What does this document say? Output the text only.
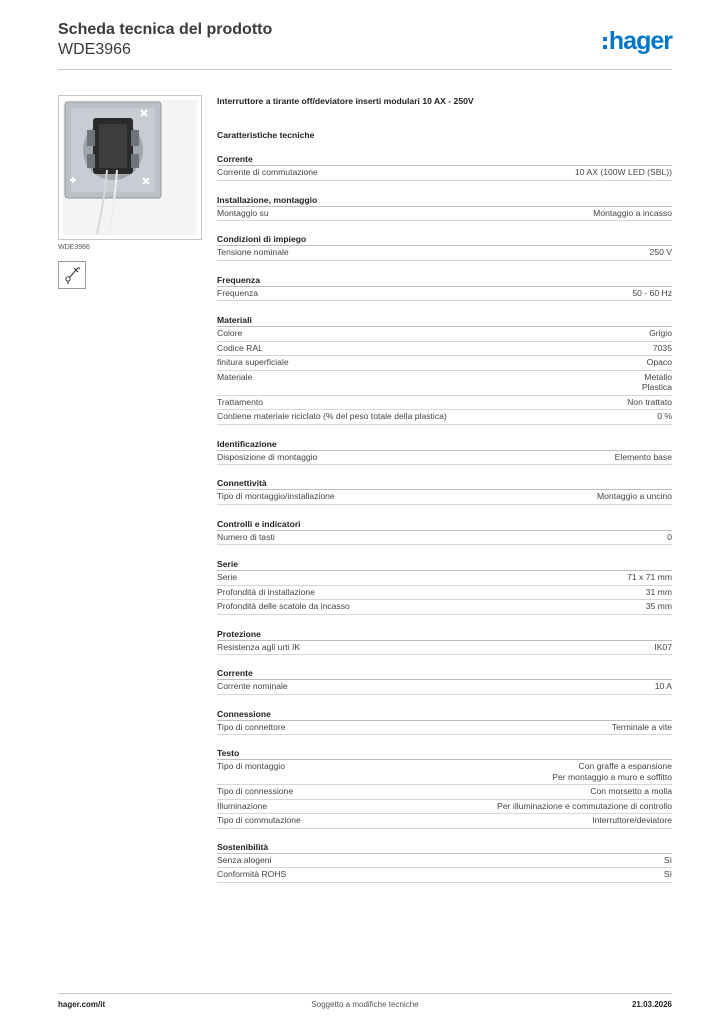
Scheda tecnica del prodotto
WDE3966	hager
WDE3966
Interruttore a tirante off/deviatore inserti modulari 10 AX - 250V
Caratteristiche tecniche
Corrente
Corrente di commutazione	10 AX (100W LED (SBL))
Installazione, montaggio
Montaggio su	Montaggio a incasso
Condizioni di impiego
Tensione nominale	250 V
Frequenza
Frequenza	50 - 60 Hz
Materiali
Colore	Grigio
Codice RAL	7035
finitura superficiale	Opaco
Materiale	Metallo
Plastica
Trattamento	Non trattato
Contiene materiale riciclato (% del peso totale della plastica)	0 %
Identificazione
Disposizione di montaggio	Elemento base
Connettività
Tipo di montaggio/installazione	Montaggio a uncino
Controlli e indicatori
Numero di tasti	0
Serie
Serie	71 x 71 mm
Profondità di installazione	31 mm
Profondità delle scatole da incasso	35 mm
Protezione
Resistenza agli urti IK	IK07
Corrente
Corrente nominale	10 A
Connessione
Tipo di connettore	Terminale a vite
Testo
Tipo di montaggio	Con graffe a espansione
Per montaggio a muro e soffitto
Tipo di connessione	Con morsetto a molla
Illuminazione	Per illuminazione e commutazione di controllo
Tipo di commutazione	Interruttore/deviatore
Sostenibilità
Senza alogeni	Sì
Conformità ROHS	Sì
hager.com/it	Soggetto a modifiche tecniche	21.03.2026
